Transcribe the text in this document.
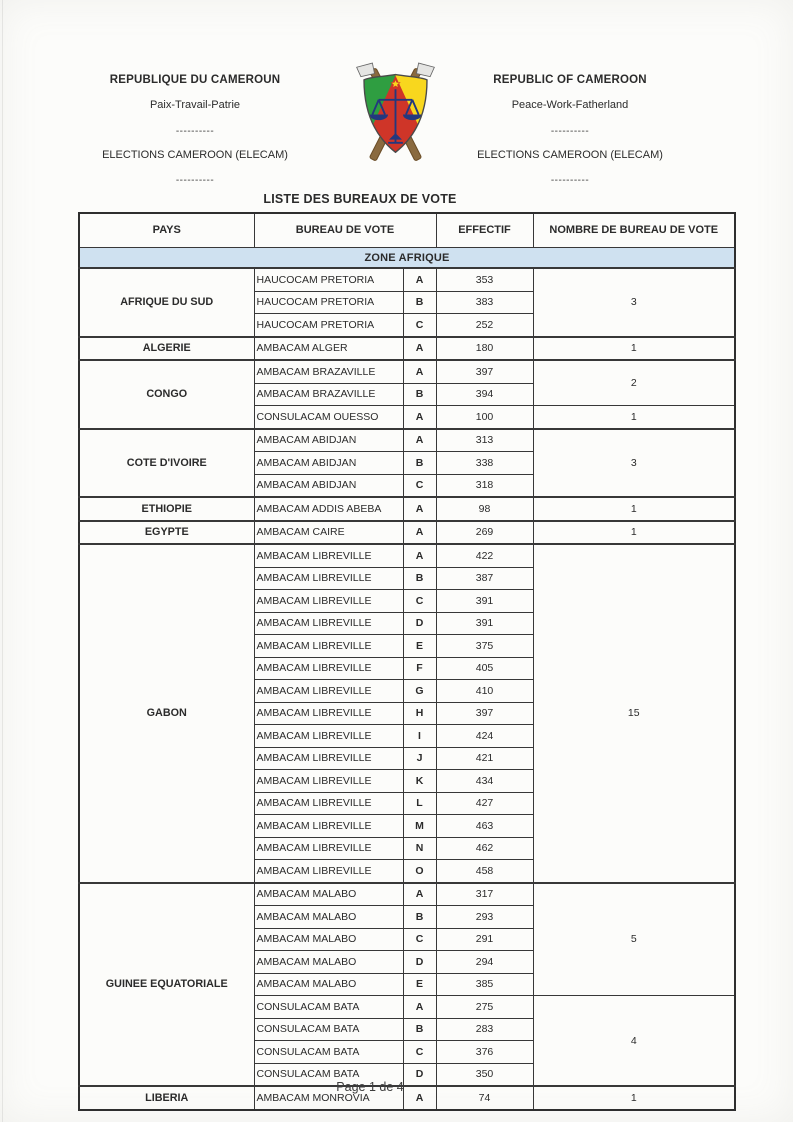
REPUBLIQUE DU CAMEROUN
Paix-Travail-Patrie
----------
ELECTIONS CAMEROON (ELECAM)
----------
REPUBLIC OF CAMEROON
Peace-Work-Fatherland
----------
ELECTIONS CAMEROON (ELECAM)
----------
LISTE DES BUREAUX DE VOTE
PAYS	BUREAU DE VOTE		EFFECTIF	NOMBRE DE BUREAU DE VOTE
ZONE AFRIQUE				
AFRIQUE DU SUD	HAUCOCAM PRETORIA	A	353	3
	HAUCOCAM PRETORIA	B	383	
	HAUCOCAM PRETORIA	C	252	
ALGERIE	AMBACAM ALGER	A	180	1
CONGO	AMBACAM BRAZAVILLE	A	397	2
	AMBACAM BRAZAVILLE	B	394	
	CONSULACAM OUESSO	A	100	1
COTE D'IVOIRE	AMBACAM ABIDJAN	A	313	3
	AMBACAM ABIDJAN	B	338	
	AMBACAM ABIDJAN	C	318	
ETHIOPIE	AMBACAM ADDIS ABEBA	A	98	1
EGYPTE	AMBACAM CAIRE	A	269	1
GABON	AMBACAM LIBREVILLE	A	422	15
	AMBACAM LIBREVILLE	B	387	
	AMBACAM LIBREVILLE	C	391	
	AMBACAM LIBREVILLE	D	391	
	AMBACAM LIBREVILLE	E	375	
	AMBACAM LIBREVILLE	F	405	
	AMBACAM LIBREVILLE	G	410	
	AMBACAM LIBREVILLE	H	397	
	AMBACAM LIBREVILLE	I	424	
	AMBACAM LIBREVILLE	J	421	
	AMBACAM LIBREVILLE	K	434	
	AMBACAM LIBREVILLE	L	427	
	AMBACAM LIBREVILLE	M	463	
	AMBACAM LIBREVILLE	N	462	
	AMBACAM LIBREVILLE	O	458	
GUINEE EQUATORIALE	AMBACAM MALABO	A	317	5
	AMBACAM MALABO	B	293	
	AMBACAM MALABO	C	291	
	AMBACAM MALABO	D	294	
	AMBACAM MALABO	E	385	
	CONSULACAM BATA	A	275	4
	CONSULACAM BATA	B	283	
	CONSULACAM BATA	C	376	
	CONSULACAM BATA	D	350	
LIBERIA	AMBACAM MONROVIA	A	74	1
Page 1 de 4
